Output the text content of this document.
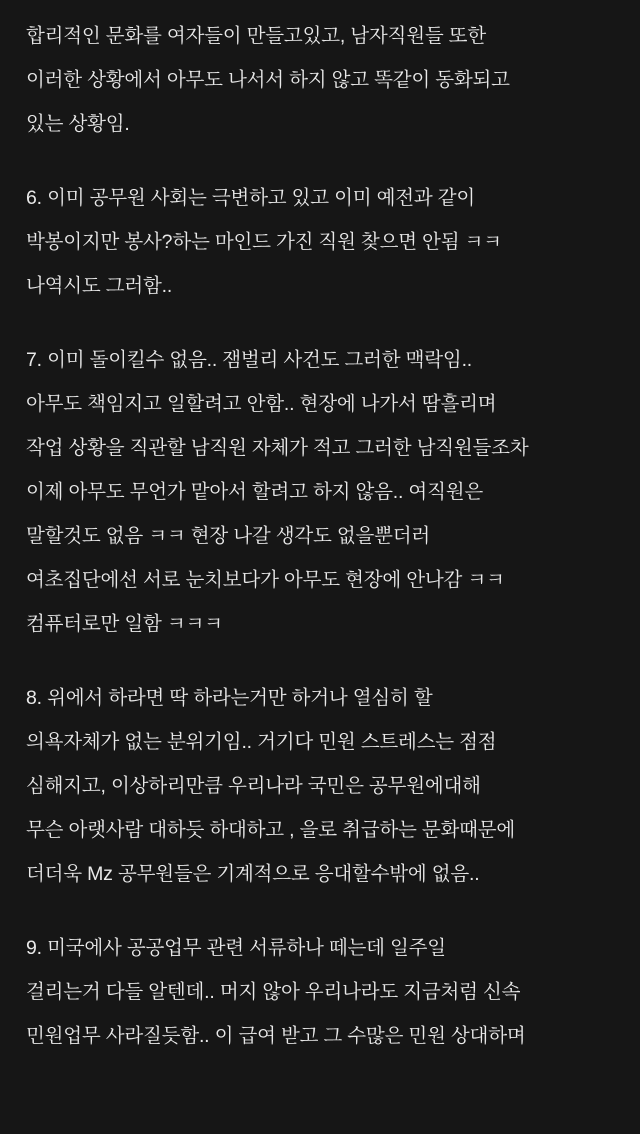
합리적인 문화를 여자들이 만들고있고, 남자직원들 또한
이러한 상황에서 아무도 나서서 하지 않고 똑같이 동화되고
있는 상황임.
6. 이미 공무원 사회는 극변하고 있고 이미 예전과 같이
박봉이지만 봉사?하는 마인드 가진 직원 찾으면 안됨 ㅋㅋ
나역시도 그러함..
7. 이미 돌이킬수 없음.. 잼벌리 사건도 그러한 맥락임..
아무도 책임지고 일할려고 안함.. 현장에 나가서 땀흘리며
작업 상황을 직관할 남직원 자체가 적고 그러한 남직원들조차
이제 아무도 무언가 맡아서 할려고 하지 않음.. 여직원은
말할것도 없음 ㅋㅋ 현장 나갈 생각도 없을뿐더러
여초집단에선 서로 눈치보다가 아무도 현장에 안나감 ㅋㅋ
컴퓨터로만 일함 ㅋㅋㅋ
8. 위에서 하라면 딱 하라는거만 하거나 열심히 할
의욕자체가 없는 분위기임.. 거기다 민원 스트레스는 점점
심해지고, 이상하리만큼 우리나라 국민은 공무원에대해
무슨 아랫사람 대하듯 하대하고 , 을로 취급하는 문화때문에
더더욱 Mz 공무원들은 기계적으로 응대할수밖에 없음..
9. 미국에사 공공업무 관련 서류하나 떼는데 일주일
걸리는거 다들 알텐데.. 머지 않아 우리나라도 지금처럼 신속
민원업무 사라질듯함.. 이 급여 받고 그 수많은 민원 상대하며
